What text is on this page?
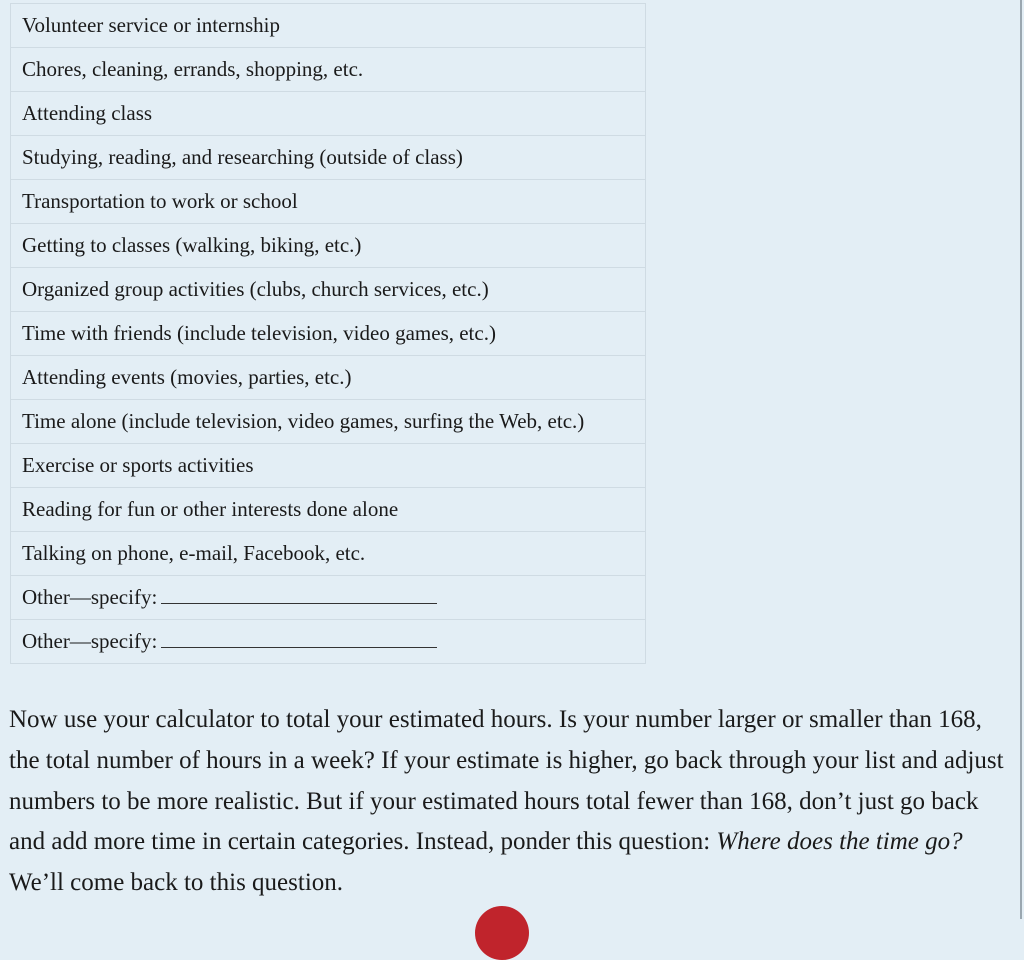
Volunteer service or internship
Chores, cleaning, errands, shopping, etc.
Attending class
Studying, reading, and researching (outside of class)
Transportation to work or school
Getting to classes (walking, biking, etc.)
Organized group activities (clubs, church services, etc.)
Time with friends (include television, video games, etc.)
Attending events (movies, parties, etc.)
Time alone (include television, video games, surfing the Web, etc.)
Exercise or sports activities
Reading for fun or other interests done alone
Talking on phone, e-mail, Facebook, etc.
Other—specify:
Other—specify:

Now use your calculator to total your estimated hours. Is your number larger or smaller than 168, the total number of hours in a week? If your estimate is higher, go back through your list and adjust numbers to be more realistic. But if your estimated hours total fewer than 168, don’t just go back and add more time in certain categories. Instead, ponder this question: Where does the time go? We’ll come back to this question.
